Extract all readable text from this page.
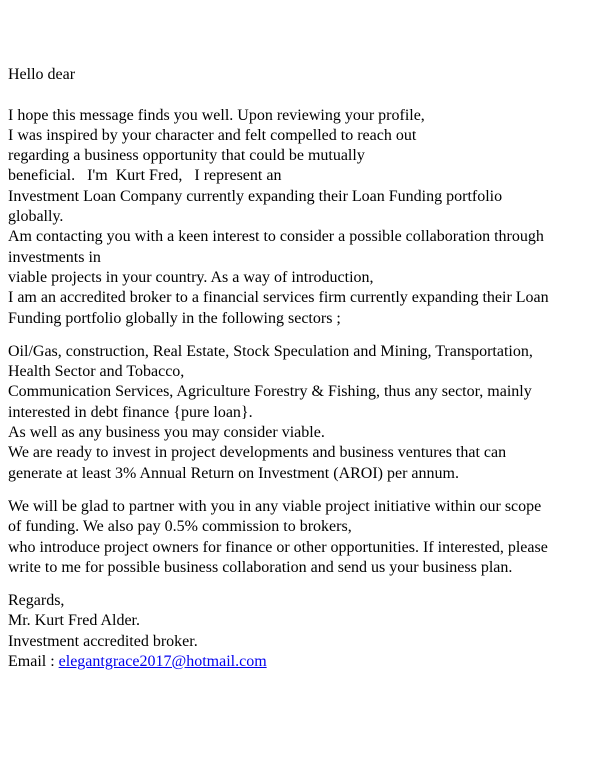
Hello dear
I hope this message finds you well. Upon reviewing your profile,
I was inspired by your character and felt compelled to reach out
regarding a business opportunity that could be mutually
beneficial.   I'm  Kurt Fred,   I represent an
Investment Loan Company currently expanding their Loan Funding portfolio
globally.
Am contacting you with a keen interest to consider a possible collaboration through
investments in
viable projects in your country. As a way of introduction,
I am an accredited broker to a financial services firm currently expanding their Loan
Funding portfolio globally in the following sectors ;
Oil/Gas, construction, Real Estate, Stock Speculation and Mining, Transportation,
Health Sector and Tobacco,
Communication Services, Agriculture Forestry & Fishing, thus any sector, mainly
interested in debt finance {pure loan}.
As well as any business you may consider viable.
We are ready to invest in project developments and business ventures that can
generate at least 3% Annual Return on Investment (AROI) per annum.
We will be glad to partner with you in any viable project initiative within our scope
of funding. We also pay 0.5% commission to brokers,
who introduce project owners for finance or other opportunities. If interested, please
write to me for possible business collaboration and send us your business plan.
Regards,
Mr. Kurt Fred Alder.
Investment accredited broker.
Email : elegantgrace2017@hotmail.com
